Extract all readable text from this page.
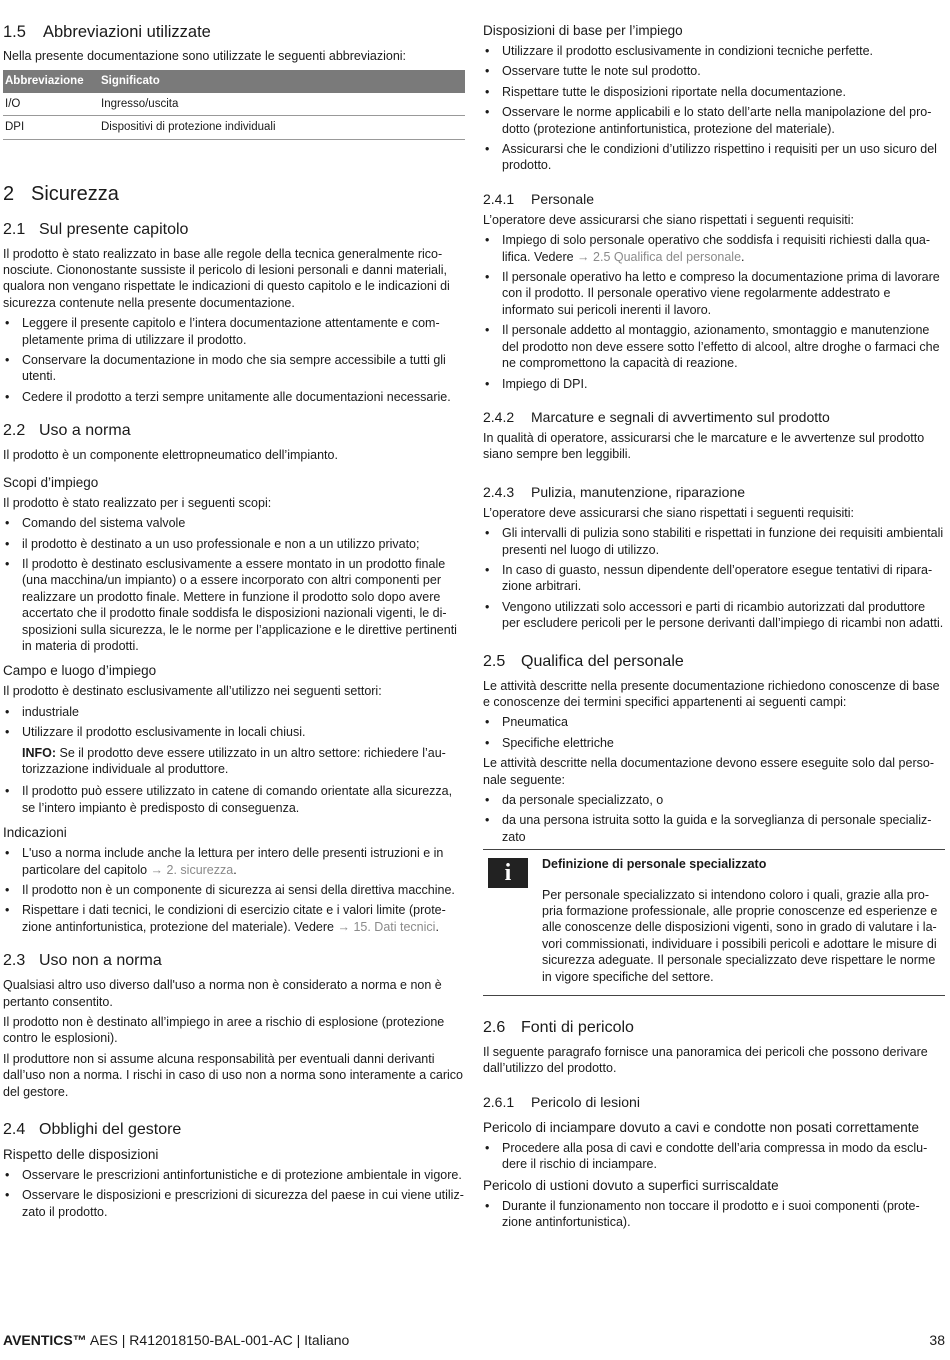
1.5 Abbreviazioni utilizzate

Nella presente documentazione sono utilizzate le seguenti abbreviazioni:

Abbreviazione	Significato
I/O	Ingresso/uscita
DPI	Dispositivi di protezione individuali
2 Sicurezza
2.1 Sul presente capitolo

Il prodotto è stato realizzato in base alle regole della tecnica generalmente riconosciute. Ciononostante sussiste il pericolo di lesioni personali e danni materiali, qualora non vengano rispettate le indicazioni di questo capitolo e le indicazioni di sicurezza contenute nella presente documentazione.

• Leggere il presente capitolo e l’intera documentazione attentamente e completamente prima di utilizzare il prodotto.
• Conservare la documentazione in modo che sia sempre accessibile a tutti gli utenti.
• Cedere il prodotto a terzi sempre unitamente alle documentazioni necessarie.
2.2 Uso a norma

Il prodotto è un componente elettropneumatico dell’impianto.

Scopi d’impiego

Il prodotto è stato realizzato per i seguenti scopi:

• Comando del sistema valvole
• il prodotto è destinato a un uso professionale e non a un utilizzo privato;
• Il prodotto è destinato esclusivamente a essere montato in un prodotto finale (una macchina/un impianto) o a essere incorporato con altri componenti per realizzare un prodotto finale. Mettere in funzione il prodotto solo dopo avere accertato che il prodotto finale soddisfa le disposizioni nazionali vigenti, le disposizioni sulla sicurezza, le le norme per l’applicazione e le direttive pertinenti in materia di prodotti.
Campo e luogo d’impiego

Il prodotto è destinato esclusivamente all’utilizzo nei seguenti settori:

• industriale
• Utilizzare il prodotto esclusivamente in locali chiusi.

INFO: Se il prodotto deve essere utilizzato in un altro settore: richiedere l’autorizzazione individuale al produttore.

• Il prodotto può essere utilizzato in catene di comando orientate alla sicurezza, se l’intero impianto è predisposto di conseguenza.
Indicazioni
• L'uso a norma include anche la lettura per intero delle presenti istruzioni e in particolare del capitolo → 2. sicurezza.
• Il prodotto non è un componente di sicurezza ai sensi della direttiva macchine.
• Rispettare i dati tecnici, le condizioni di esercizio citate e i valori limite (protezione antinfortunistica, protezione del materiale). Vedere → 15. Dati tecnici.
2.3 Uso non a norma

Qualsiasi altro uso diverso dall'uso a norma non è considerato a norma e non è pertanto consentito.

Il prodotto non è destinato all’impiego in aree a rischio di esplosione (protezione contro le esplosioni).

Il produttore non si assume alcuna responsabilità per eventuali danni derivanti dall’uso non a norma. I rischi in caso di uso non a norma sono interamente a carico del gestore.

2.4 Obblighi del gestore
Rispetto delle disposizioni
• Osservare le prescrizioni antinfortunistiche e di protezione ambientale in vigore.
• Osservare le disposizioni e prescrizioni di sicurezza del paese in cui viene utilizzato il prodotto.
Disposizioni di base per l’impiego
• Utilizzare il prodotto esclusivamente in condizioni tecniche perfette.
• Osservare tutte le note sul prodotto.
• Rispettare tutte le disposizioni riportate nella documentazione.
• Osservare le norme applicabili e lo stato dell’arte nella manipolazione del prodotto (protezione antinfortunistica, protezione del materiale).
• Assicurarsi che le condizioni d’utilizzo rispettino i requisiti per un uso sicuro del prodotto.
2.4.1 Personale

L’operatore deve assicurarsi che siano rispettati i seguenti requisiti:

• Impiego di solo personale operativo che soddisfa i requisiti richiesti dalla qualifica. Vedere → 2.5 Qualifica del personale.
• Il personale operativo ha letto e compreso la documentazione prima di lavorare con il prodotto. Il personale operativo viene regolarmente addestrato e informato sui pericoli inerenti il lavoro.
• Il personale addetto al montaggio, azionamento, smontaggio e manutenzione del prodotto non deve essere sotto l’effetto di alcool, altre droghe o farmaci che ne compromettono la capacità di reazione.
• Impiego di DPI.
2.4.2 Marcature e segnali di avvertimento sul prodotto

In qualità di operatore, assicurarsi che le marcature e le avvertenze sul prodotto siano sempre ben leggibili.

2.4.3 Pulizia, manutenzione, riparazione

L’operatore deve assicurarsi che siano rispettati i seguenti requisiti:

• Gli intervalli di pulizia sono stabiliti e rispettati in funzione dei requisiti ambientali presenti nel luogo di utilizzo.
• In caso di guasto, nessun dipendente dell’operatore esegue tentativi di riparazione arbitrari.
• Vengono utilizzati solo accessori e parti di ricambio autorizzati dal produttore per escludere pericoli per le persone derivanti dall’impiego di ricambi non adatti.
2.5 Qualifica del personale

Le attività descritte nella presente documentazione richiedono conoscenze di base e conoscenze dei termini specifici appartenenti ai seguenti campi:

• Pneumatica
• Specifiche elettriche

Le attività descritte nella documentazione devono essere eseguite solo dal personale seguente:

• da personale specializzato, o
• da una persona istruita sotto la guida e la sorveglianza di personale specializzato
i	Definizione di personale specializzato

Per personale specializzato si intendono coloro i quali, grazie alla propria formazione professionale, alle proprie conoscenze ed esperienze e alle conoscenze delle disposizioni vigenti, sono in grado di valutare i lavori commissionati, individuare i possibili pericoli e adottare le misure di sicurezza adeguate. Il personale specializzato deve rispettare le norme in vigore specifiche del settore.

2.6 Fonti di pericolo

Il seguente paragrafo fornisce una panoramica dei pericoli che possono derivare dall’utilizzo del prodotto.

2.6.1 Pericolo di lesioni
Pericolo di inciampare dovuto a cavi e condotte non posati correttamente
• Procedere alla posa di cavi e condotte dell’aria compressa in modo da escludere il rischio di inciampare.
Pericolo di ustioni dovuto a superfici surriscaldate
• Durante il funzionamento non toccare il prodotto e i suoi componenti (protezione antinfortunistica).
AVENTICS™ AES | R412018150-BAL-001-AC | Italiano	38
